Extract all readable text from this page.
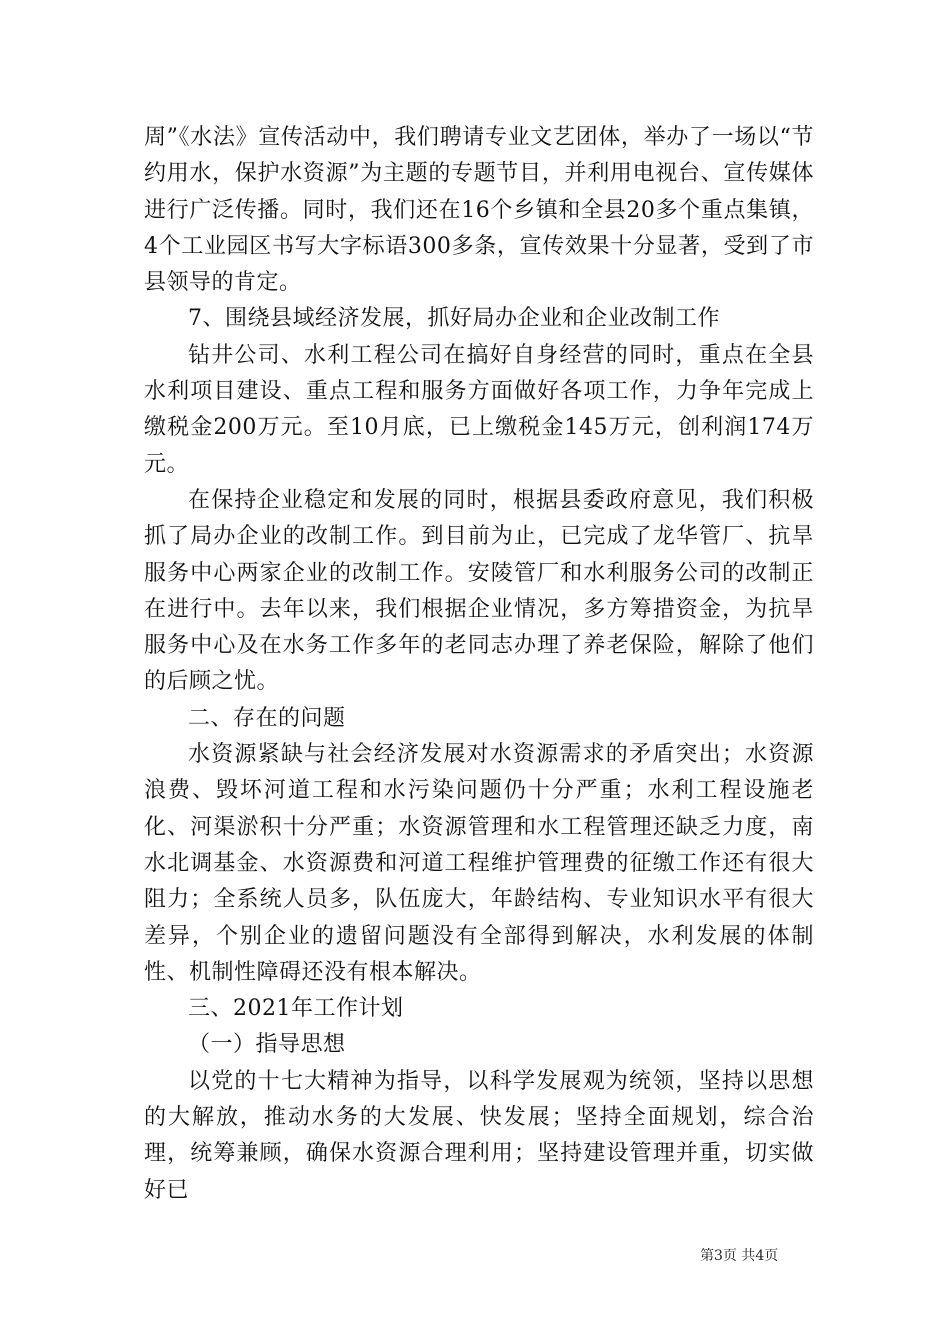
周”《水法》宣传活动中，我们聘请专业文艺团体，举办了一场以“节约用水，保护水资源”为主题的专题节目，并利用电视台、宣传媒体进行广泛传播。同时，我们还在16个乡镇和全县20多个重点集镇，4个工业园区书写大字标语300多条，宣传效果十分显著，受到了市县领导的肯定。

7、围绕县域经济发展，抓好局办企业和企业改制工作

钻井公司、水利工程公司在搞好自身经营的同时，重点在全县水利项目建设、重点工程和服务方面做好各项工作，力争年完成上缴税金200万元。至10月底，已上缴税金145万元，创利润174万元。

在保持企业稳定和发展的同时，根据县委政府意见，我们积极抓了局办企业的改制工作。到目前为止，已完成了龙华管厂、抗旱服务中心两家企业的改制工作。安陵管厂和水利服务公司的改制正在进行中。去年以来，我们根据企业情况，多方筹措资金，为抗旱服务中心及在水务工作多年的老同志办理了养老保险，解除了他们的后顾之忧。

二、存在的问题

水资源紧缺与社会经济发展对水资源需求的矛盾突出；水资源浪费、毁坏河道工程和水污染问题仍十分严重；水利工程设施老化、河渠淤积十分严重；水资源管理和水工程管理还缺乏力度，南水北调基金、水资源费和河道工程维护管理费的征缴工作还有很大阻力；全系统人员多，队伍庞大，年龄结构、专业知识水平有很大差异，个别企业的遗留问题没有全部得到解决，水利发展的体制性、机制性障碍还没有根本解决。

三、2021年工作计划

（一）指导思想

以党的十七大精神为指导，以科学发展观为统领，坚持以思想的大解放，推动水务的大发展、快发展；坚持全面规划，综合治理，统筹兼顾，确保水资源合理利用；坚持建设管理并重，切实做好已

第3页 共4页
